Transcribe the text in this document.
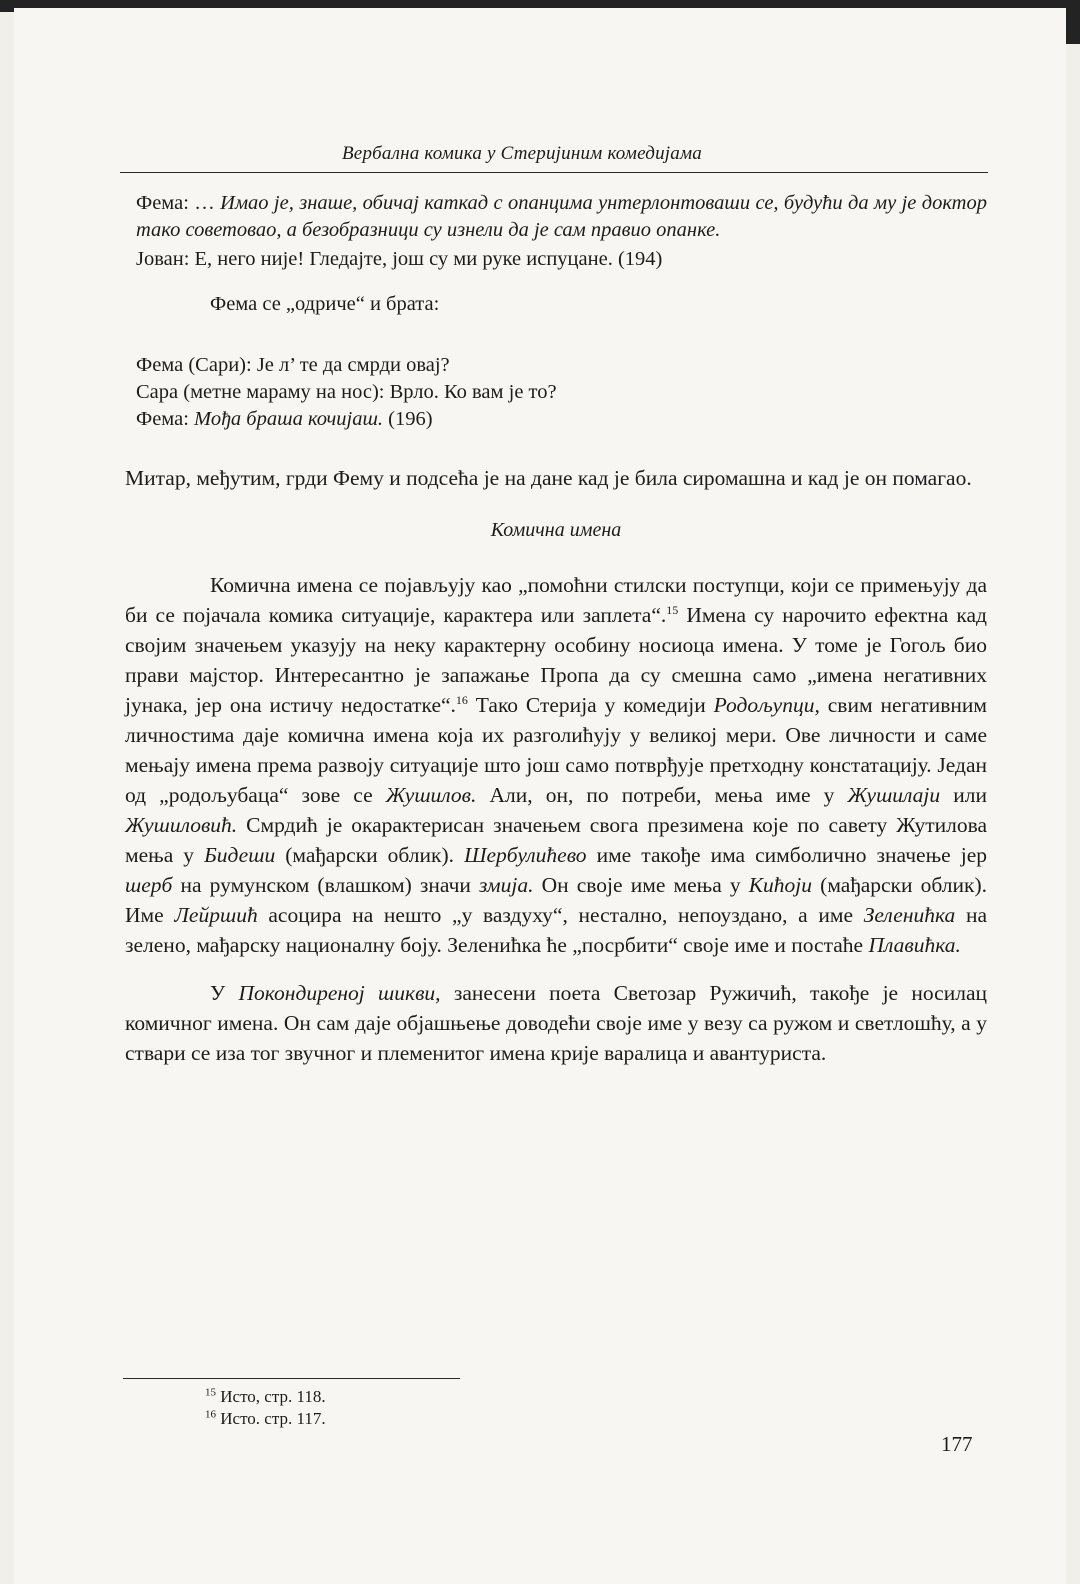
Вербална комика у Стеријиним комедијама

Фема: … Имао је, знаше, обичај каткад с опанцима унтерлонтоваши се, будући да му је доктор тако советовао, а безобразници су изнели да је сам правио опанке.

Јован: Е, него није! Гледајте, још су ми руке испуцане. (194)

Фема се „одриче“ и брата:

Фема (Сари): Је л’ те да смрди овај?

Сара (метне мараму на нос): Врло. Ко вам је то?

Фема: Мођа браша кочијаш. (196)

Митар, међутим, грди Фему и подсећа је на дане кад је била сиромашна и кад је он помагао.

Комична имена

Комична имена се појављују као „помоћни стилски поступци, који се примењују да би се појачала комика ситуације, карактера или заплета“.$^{15}$ Имена су нарочито ефектна кад својим значењем указују на неку карактерну особину носиоца имена. У томе је Гогољ био прави мајстор. Интересантно је запажање Пропа да су смешна само „имена негативних јунака, јер она истичу недостатке“.$^{16}$ Тако Стерија у комедији Родољупци, свим негативним личностима даје комична имена која их разголићују у великој мери. Ове личности и саме мењају имена према развоју ситуације што још само потврђује претходну констатацију. Један од „родољубаца“ зове се Жушилов. Али, он, по потреби, мења име у Жушилаји или Жушиловић. Смрдић је окарактерисан значењем свога презимена које по савету Жутилова мења у Бидеши (мађарски облик). Шербулићево име такође има симболично значење јер шерб на румунском (влашком) значи змија. Он своје име мења у Кићоји (мађарски облик). Име Лейршић асоцира на нешто „у ваздуху“, нестално, непоуздано, а име Зеленићка на зелено, мађарску националну боју. Зеленићка ће „посрбити“ своје име и постаће Плавићка.

У Покондиреној шикви, занесени поета Светозар Ружичић, такође је носилац комичног имена. Он сам даје објашњење доводећи своје име у везу са ружом и светлошћу, а у ствари се иза тог звучног и племенитог имена крије варалица и авантуриста.

$^{15}$ Исто, стр. 118.

$^{16}$ Исто. стр. 117.

177
